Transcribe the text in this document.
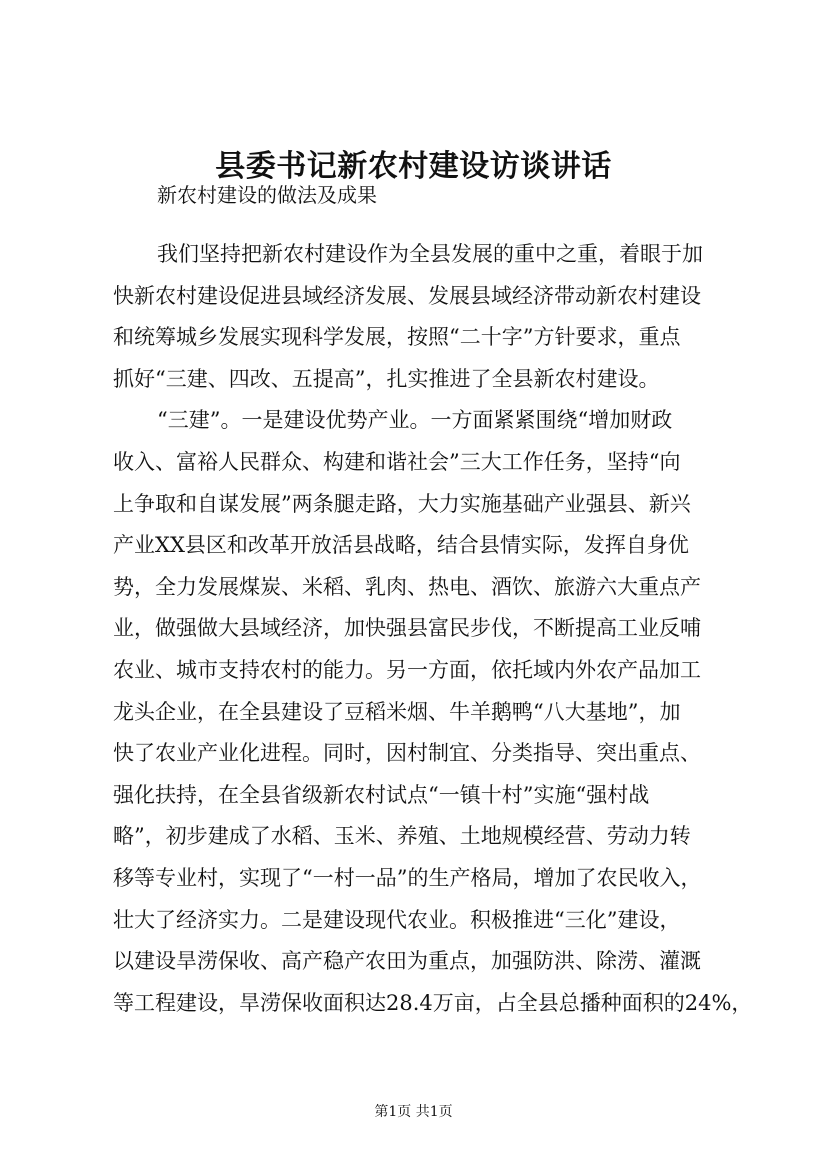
县委书记新农村建设访谈讲话
新农村建设的做法及成果
我们坚持把新农村建设作为全县发展的重中之重，着眼于加
快新农村建设促进县域经济发展、发展县域经济带动新农村建设
和统筹城乡发展实现科学发展，按照“二十字”方针要求，重点
抓好“三建、四改、五提高”，扎实推进了全县新农村建设。
“三建”。一是建设优势产业。一方面紧紧围绕“增加财政
收入、富裕人民群众、构建和谐社会”三大工作任务，坚持“向
上争取和自谋发展”两条腿走路，大力实施基础产业强县、新兴
产业XX县区和改革开放活县战略，结合县情实际，发挥自身优
势，全力发展煤炭、米稻、乳肉、热电、酒饮、旅游六大重点产
业，做强做大县域经济，加快强县富民步伐，不断提高工业反哺
农业、城市支持农村的能力。另一方面，依托域内外农产品加工
龙头企业，在全县建设了豆稻米烟、牛羊鹅鸭“八大基地”，加
快了农业产业化进程。同时，因村制宜、分类指导、突出重点、
强化扶持，在全县省级新农村试点“一镇十村”实施“强村战
略”，初步建成了水稻、玉米、养殖、土地规模经营、劳动力转
移等专业村，实现了“一村一品”的生产格局，增加了农民收入，
壮大了经济实力。二是建设现代农业。积极推进“三化”建设，
以建设旱涝保收、高产稳产农田为重点，加强防洪、除涝、灌溉
等工程建设，旱涝保收面积达28.4万亩，占全县总播种面积的24%，
第1页 共1页
